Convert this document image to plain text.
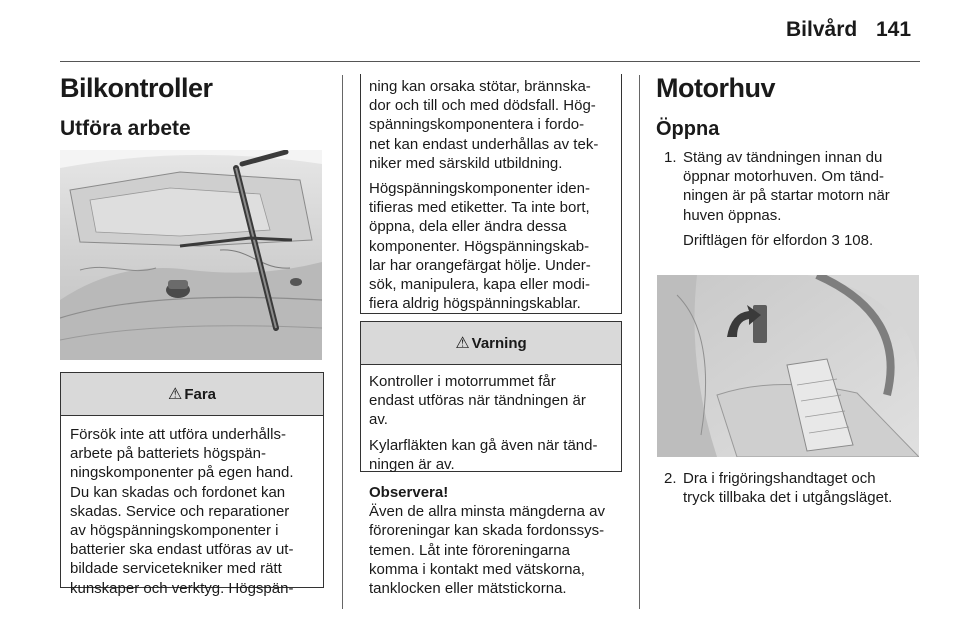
Bilvård 141
Bilkontroller
Utföra arbete
⚠ Fara

Försök inte att utföra underhålls-

arbete på batteriets högspän-

ningskomponenter på egen hand.

Du kan skadas och fordonet kan

skadas. Service och reparationer

av högspänningskomponenter i

batterier ska endast utföras av ut-

bildade servicetekniker med rätt

kunskaper och verktyg. Högspän-

ning kan orsaka stötar, brännska-

dor och till och med dödsfall. Hög-

spänningskomponentera i fordo-

net kan endast underhållas av tek-

niker med särskild utbildning.

Högspänningskomponenter iden-

tifieras med etiketter. Ta inte bort,

öppna, dela eller ändra dessa

komponenter. Högspänningskab-

lar har orangefärgat hölje. Under-

sök, manipulera, kapa eller modi-

fiera aldrig högspänningskablar.

⚠ Varning

Kontroller i motorrummet får

endast utföras när tändningen är

av.

Kylarfläkten kan gå även när tänd-

ningen är av.

Observera!

Även de allra minsta mängderna av

föroreningar kan skada fordonssys-

temen. Låt inte föroreningarna

komma i kontakt med vätskorna,

tanklocken eller mätstickorna.

Motorhuv
Öppna
1. Stäng av tändningen innan du
öppnar motorhuven. Om tänd-
ningen är på startar motorn när
huven öppnas.
Driftlägen för elfordon 3 108.
2. Dra i frigöringshandtaget och
tryck tillbaka det i utgångsläget.
